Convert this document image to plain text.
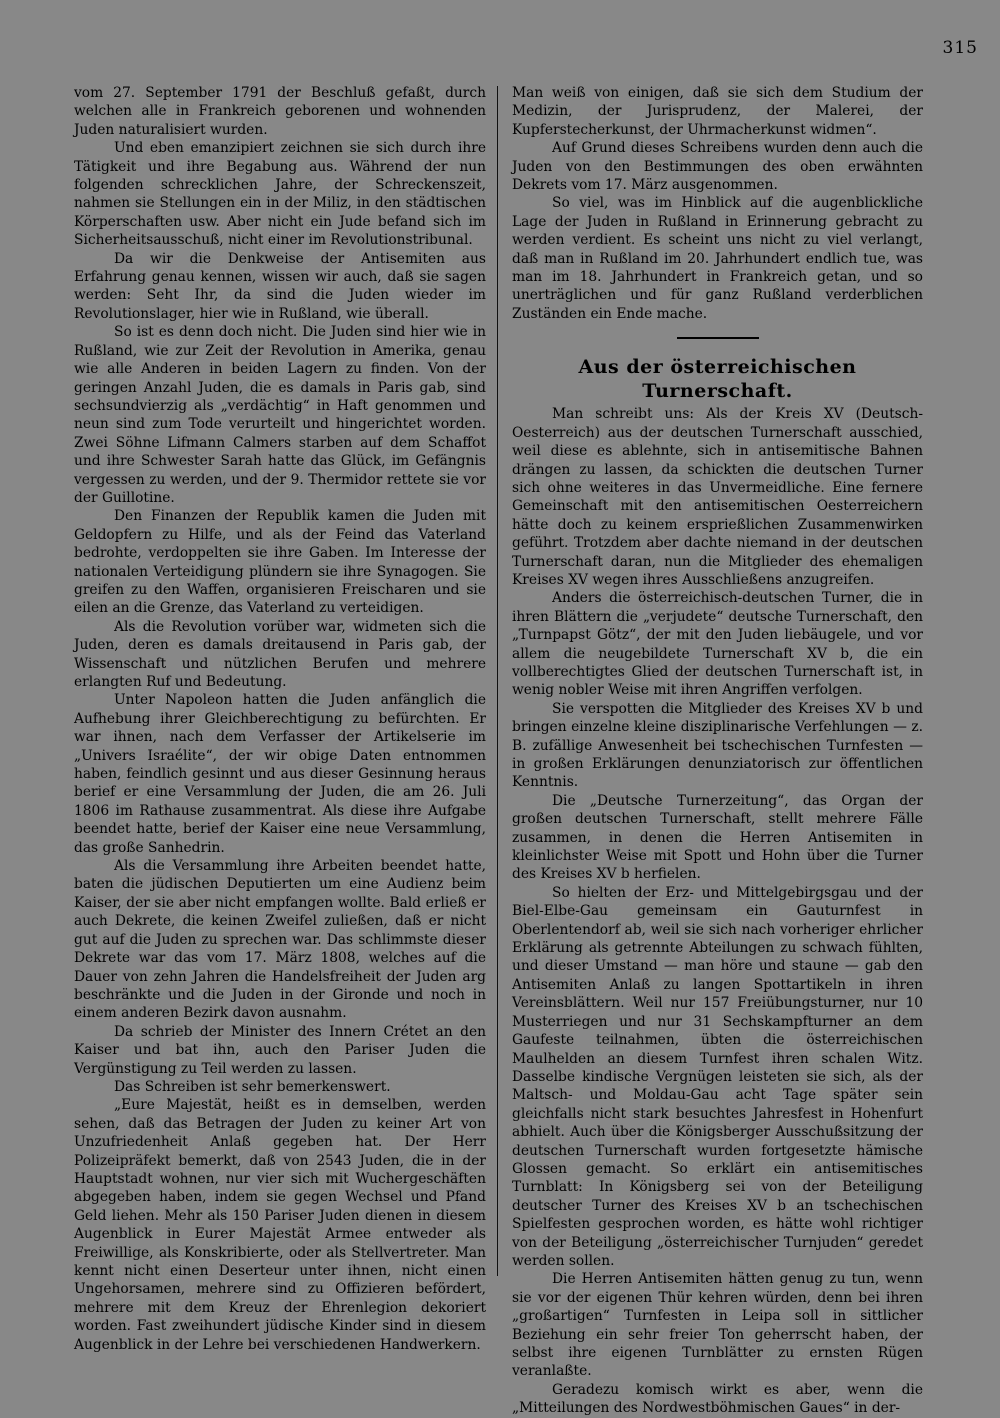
315

vom 27. September 1791 der Beschluß gefaßt, durch welchen alle in Frankreich geborenen und wohnenden Juden naturalisiert wurden.

Und eben emanzipiert zeichnen sie sich durch ihre Tätigkeit und ihre Begabung aus. Während der nun folgenden schrecklichen Jahre, der Schreckenszeit, nahmen sie Stellungen ein in der Miliz, in den städtischen Körperschaften usw. Aber nicht ein Jude befand sich im Sicherheitsausschuß, nicht einer im Revolutionstribunal.

Da wir die Denkweise der Antisemiten aus Erfahrung genau kennen, wissen wir auch, daß sie sagen werden: Seht Ihr, da sind die Juden wieder im Revolutionslager, hier wie in Rußland, wie überall.

So ist es denn doch nicht. Die Juden sind hier wie in Rußland, wie zur Zeit der Revolution in Amerika, genau wie alle Anderen in beiden Lagern zu finden. Von der geringen Anzahl Juden, die es damals in Paris gab, sind sechsundvierzig als „verdächtig“ in Haft genommen und neun sind zum Tode verurteilt und hingerichtet worden. Zwei Söhne Lifmann Calmers starben auf dem Schaffot und ihre Schwester Sarah hatte das Glück, im Gefängnis vergessen zu werden, und der 9. Thermidor rettete sie vor der Guillotine.

Den Finanzen der Republik kamen die Juden mit Geldopfern zu Hilfe, und als der Feind das Vaterland bedrohte, verdoppelten sie ihre Gaben. Im Interesse der nationalen Verteidigung plündern sie ihre Synagogen. Sie greifen zu den Waffen, organisieren Freischaren und sie eilen an die Grenze, das Vaterland zu verteidigen.

Als die Revolution vorüber war, widmeten sich die Juden, deren es damals dreitausend in Paris gab, der Wissenschaft und nützlichen Berufen und mehrere erlangten Ruf und Bedeutung.

Unter Napoleon hatten die Juden anfänglich die Aufhebung ihrer Gleichberechtigung zu befürchten. Er war ihnen, nach dem Verfasser der Artikelserie im „Univers Israélite“, der wir obige Daten entnommen haben, feindlich gesinnt und aus dieser Gesinnung heraus berief er eine Versammlung der Juden, die am 26. Juli 1806 im Rathause zusammentrat. Als diese ihre Aufgabe beendet hatte, berief der Kaiser eine neue Versammlung, das große Sanhedrin.

Als die Versammlung ihre Arbeiten beendet hatte, baten die jüdischen Deputierten um eine Audienz beim Kaiser, der sie aber nicht empfangen wollte. Bald erließ er auch Dekrete, die keinen Zweifel zuließen, daß er nicht gut auf die Juden zu sprechen war. Das schlimmste dieser Dekrete war das vom 17. März 1808, welches auf die Dauer von zehn Jahren die Handelsfreiheit der Juden arg beschränkte und die Juden in der Gironde und noch in einem anderen Bezirk davon ausnahm.

Da schrieb der Minister des Innern Crétet an den Kaiser und bat ihn, auch den Pariser Juden die Vergünstigung zu Teil werden zu lassen.

Das Schreiben ist sehr bemerkenswert.

„Eure Majestät, heißt es in demselben, werden sehen, daß das Betragen der Juden zu keiner Art von Unzufriedenheit Anlaß gegeben hat. Der Herr Polizeipräfekt bemerkt, daß von 2543 Juden, die in der Hauptstadt wohnen, nur vier sich mit Wuchergeschäften abgegeben haben, indem sie gegen Wechsel und Pfand Geld liehen. Mehr als 150 Pariser Juden dienen in diesem Augenblick in Eurer Majestät Armee entweder als Freiwillige, als Konskribierte, oder als Stellvertreter. Man kennt nicht einen Deserteur unter ihnen, nicht einen Ungehorsamen, mehrere sind zu Offizieren befördert, mehrere mit dem Kreuz der Ehrenlegion dekoriert worden. Fast zweihundert jüdische Kinder sind in diesem Augenblick in der Lehre bei verschiedenen Handwerkern.

Man weiß von einigen, daß sie sich dem Studium der Medizin, der Jurisprudenz, der Malerei, der Kupferstecherkunst, der Uhrmacherkunst widmen“.

Auf Grund dieses Schreibens wurden denn auch die Juden von den Bestimmungen des oben erwähnten Dekrets vom 17. März ausgenommen.

So viel, was im Hinblick auf die augenblickliche Lage der Juden in Rußland in Erinnerung gebracht zu werden verdient. Es scheint uns nicht zu viel verlangt, daß man in Rußland im 20. Jahrhundert endlich tue, was man im 18. Jahrhundert in Frankreich getan, und so unerträglichen und für ganz Rußland verderblichen Zuständen ein Ende mache.

Aus der österreichischen Turnerschaft.

Man schreibt uns: Als der Kreis XV (Deutsch-Oesterreich) aus der deutschen Turnerschaft ausschied, weil diese es ablehnte, sich in antisemitische Bahnen drängen zu lassen, da schickten die deutschen Turner sich ohne weiteres in das Unvermeidliche. Eine fernere Gemeinschaft mit den antisemitischen Oesterreichern hätte doch zu keinem ersprießlichen Zusammenwirken geführt. Trotzdem aber dachte niemand in der deutschen Turnerschaft daran, nun die Mitglieder des ehemaligen Kreises XV wegen ihres Ausschließens anzugreifen.

Anders die österreichisch-deutschen Turner, die in ihren Blättern die „verjudete“ deutsche Turnerschaft, den „Turnpapst Götz“, der mit den Juden liebäugele, und vor allem die neugebildete Turnerschaft XV b, die ein vollberechtigtes Glied der deutschen Turnerschaft ist, in wenig nobler Weise mit ihren Angriffen verfolgen.

Sie verspotten die Mitglieder des Kreises XV b und bringen einzelne kleine disziplinarische Verfehlungen — z. B. zufällige Anwesenheit bei tschechischen Turnfesten — in großen Erklärungen denunziatorisch zur öffentlichen Kenntnis.

Die „Deutsche Turnerzeitung“, das Organ der großen deutschen Turnerschaft, stellt mehrere Fälle zusammen, in denen die Herren Antisemiten in kleinlichster Weise mit Spott und Hohn über die Turner des Kreises XV b herfielen.

So hielten der Erz- und Mittelgebirgsgau und der Biel-Elbe-Gau gemeinsam ein Gauturnfest in Oberlentendorf ab, weil sie sich nach vorheriger ehrlicher Erklärung als getrennte Abteilungen zu schwach fühlten, und dieser Umstand — man höre und staune — gab den Antisemiten Anlaß zu langen Spottartikeln in ihren Vereinsblättern. Weil nur 157 Freiübungsturner, nur 10 Musterriegen und nur 31 Sechskampfturner an dem Gaufeste teilnahmen, übten die österreichischen Maulhelden an diesem Turnfest ihren schalen Witz. Dasselbe kindische Vergnügen leisteten sie sich, als der Maltsch- und Moldau-Gau acht Tage später sein gleichfalls nicht stark besuchtes Jahresfest in Hohenfurt abhielt. Auch über die Königsberger Ausschußsitzung der deutschen Turnerschaft wurden fortgesetzte hämische Glossen gemacht. So erklärt ein antisemitisches Turnblatt: In Königsberg sei von der Beteiligung deutscher Turner des Kreises XV b an tschechischen Spielfesten gesprochen worden, es hätte wohl richtiger von der Beteiligung „österreichischer Turnjuden“ geredet werden sollen.

Die Herren Antisemiten hätten genug zu tun, wenn sie vor der eigenen Thür kehren würden, denn bei ihren „großartigen“ Turnfesten in Leipa soll in sittlicher Beziehung ein sehr freier Ton geherrscht haben, der selbst ihre eigenen Turnblätter zu ernsten Rügen veranlaßte.

Geradezu komisch wirkt es aber, wenn die „Mitteilungen des Nordwestböhmischen Gaues“ in der-
